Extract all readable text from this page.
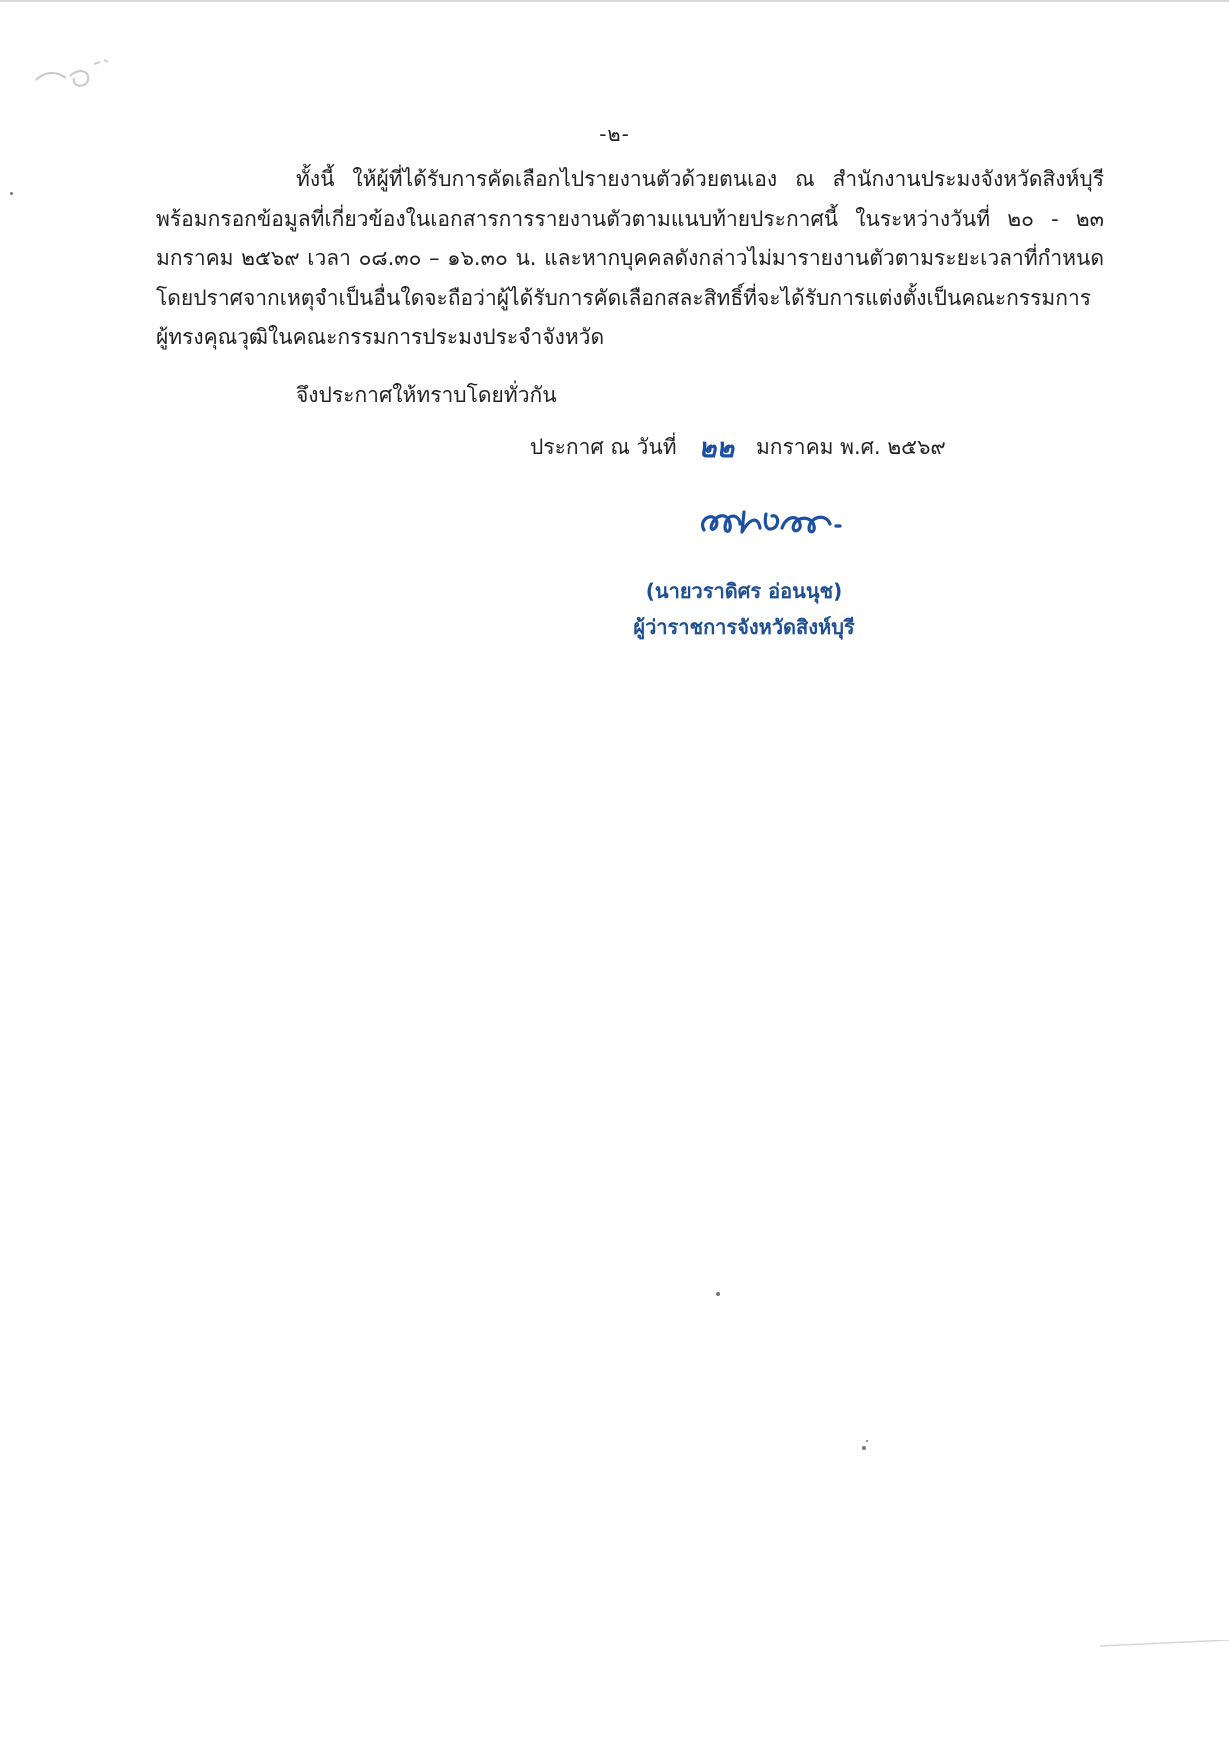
-๒-
ทั้งนี้ ให้ผู้ที่ได้รับการคัดเลือกไปรายงานตัวด้วยตนเอง ณ สำนักงานประมงจังหวัดสิงห์บุรี พร้อมกรอกข้อมูลที่เกี่ยวข้องในเอกสารการรายงานตัวตามแนบท้ายประกาศนี้ ในระหว่างวันที่ ๒๐ - ๒๓ มกราคม ๒๕๖๙ เวลา ๐๘.๓๐ – ๑๖.๓๐ น. และหากบุคคลดังกล่าวไม่มารายงานตัวตามระยะเวลาที่กำหนด โดยปราศจากเหตุจำเป็นอื่นใดจะถือว่าผู้ได้รับการคัดเลือกสละสิทธิ์ที่จะได้รับการแต่งตั้งเป็นคณะกรรมการ ผู้ทรงคุณวุฒิในคณะกรรมการประมงประจำจังหวัด
จึงประกาศให้ทราบโดยทั่วกัน
ประกาศ ณ วันที่ ๒๒ มกราคม พ.ศ. ๒๕๖๙
(นายวราดิศร อ่อนนุช)
ผู้ว่าราชการจังหวัดสิงห์บุรี
